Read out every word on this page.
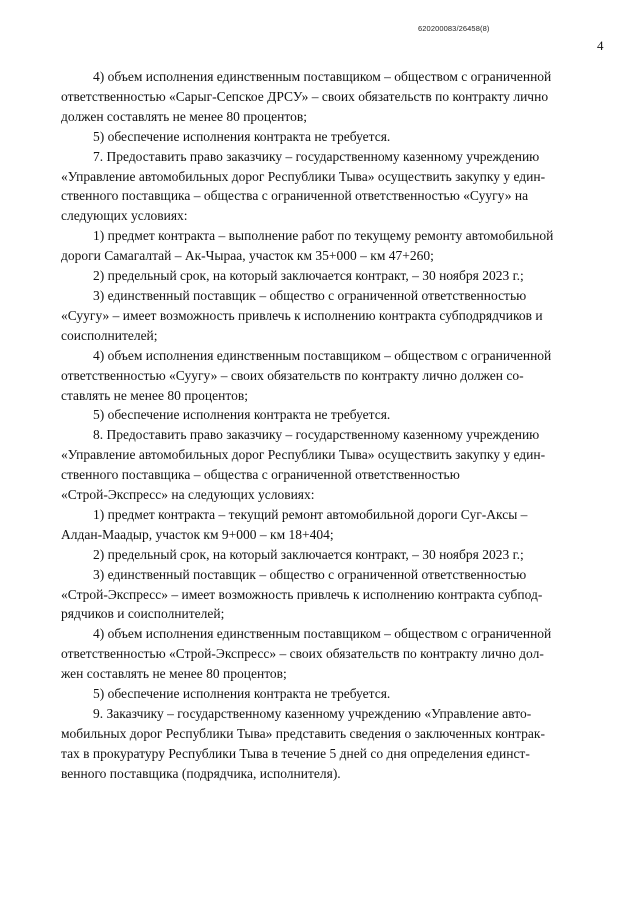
620200083/26458(8)
4

4) объем исполнения единственным поставщиком – обществом с ограниченной
ответственностью «Сарыг-Сепское ДРСУ» – своих обязательств по контракту лично
должен составлять не менее 80 процентов;

5) обеспечение исполнения контракта не требуется.

7. Предоставить право заказчику – государственному казенному учреждению
«Управление автомобильных дорог Республики Тыва» осуществить закупку у един-
ственного поставщика – общества с ограниченной ответственностью «Суугу» на
следующих условиях:

1) предмет контракта – выполнение работ по текущему ремонту автомобильной
дороги Самагалтай – Ак-Чыраа, участок км 35+000 – км 47+260;

2) предельный срок, на который заключается контракт, – 30 ноября 2023 г.;

3) единственный поставщик – общество с ограниченной ответственностью
«Суугу» – имеет возможность привлечь к исполнению контракта субподрядчиков и
соисполнителей;

4) объем исполнения единственным поставщиком – обществом с ограниченной
ответственностью «Суугу» – своих обязательств по контракту лично должен со-
ставлять не менее 80 процентов;

5) обеспечение исполнения контракта не требуется.

8. Предоставить право заказчику – государственному казенному учреждению
«Управление автомобильных дорог Республики Тыва» осуществить закупку у един-
ственного поставщика – общества с ограниченной ответственностью
«Строй-Экспресс» на следующих условиях:

1) предмет контракта – текущий ремонт автомобильной дороги Суг-Аксы –
Алдан-Маадыр, участок км 9+000 – км 18+404;

2) предельный срок, на который заключается контракт, – 30 ноября 2023 г.;

3) единственный поставщик – общество с ограниченной ответственностью
«Строй-Экспресс» – имеет возможность привлечь к исполнению контракта субпод-
рядчиков и соисполнителей;

4) объем исполнения единственным поставщиком – обществом с ограниченной
ответственностью «Строй-Экспресс» – своих обязательств по контракту лично дол-
жен составлять не менее 80 процентов;

5) обеспечение исполнения контракта не требуется.

9. Заказчику – государственному казенному учреждению «Управление авто-
мобильных дорог Республики Тыва» представить сведения о заключенных контрак-
тах в прокуратуру Республики Тыва в течение 5 дней со дня определения единст-
венного поставщика (подрядчика, исполнителя).
